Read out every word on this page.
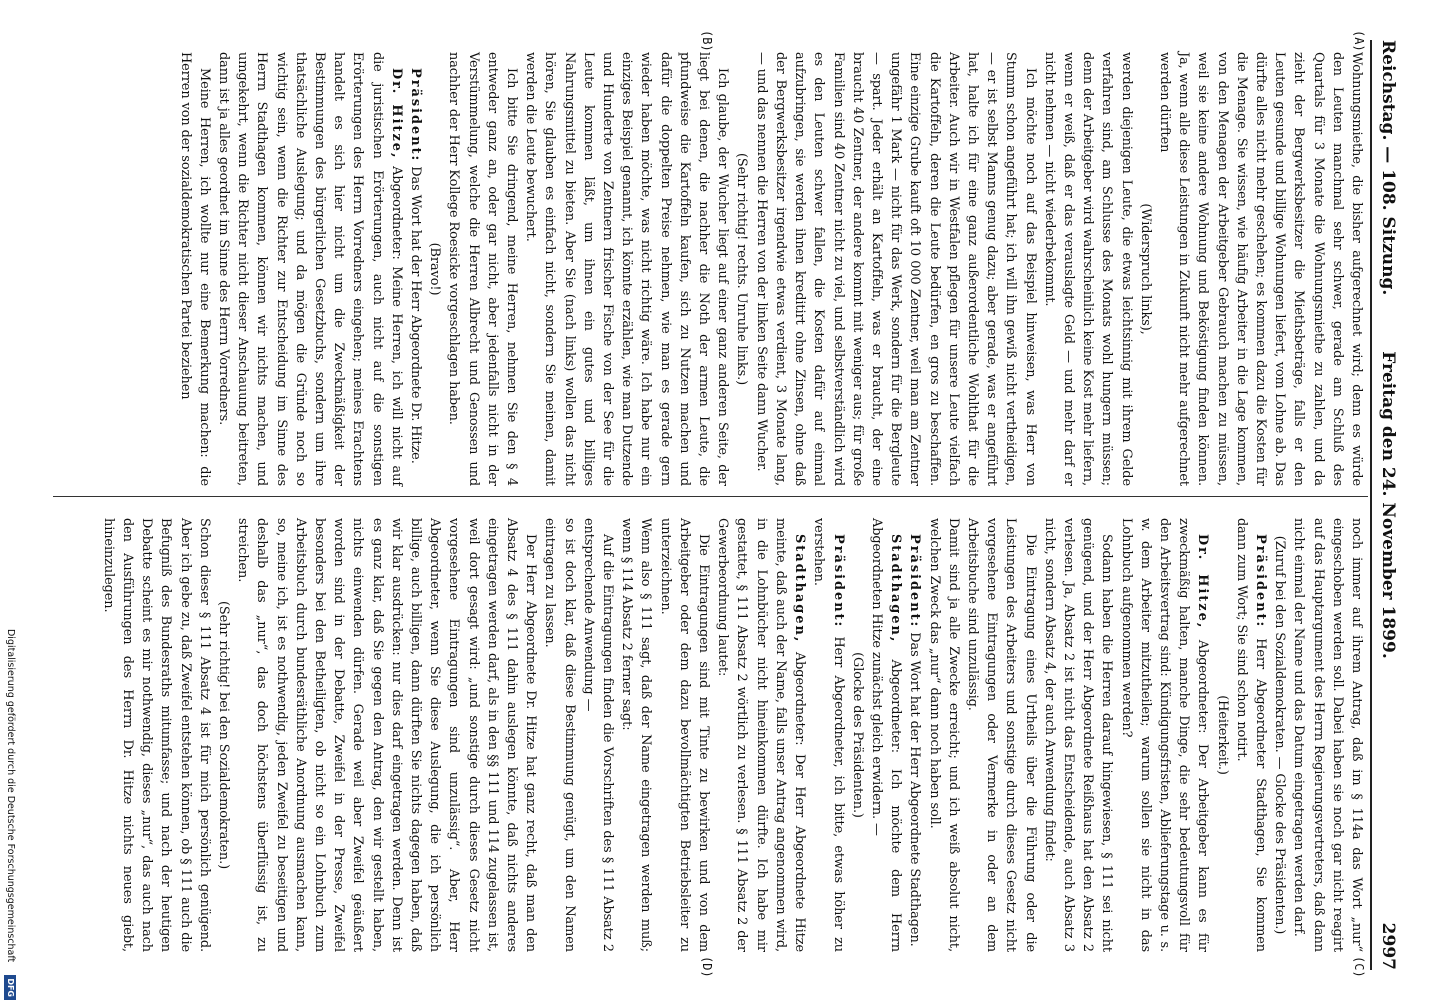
Reichstag. — 108. Sitzung.
Freitag den 24. November 1899.
2997
(A)
(B)
(C)
(D)

Wohnungsmiethe, die bisher aufgerechnet wird; denn es würde den Leuten manchmal sehr schwer, gerade am Schluß des Quartals für 3 Monate die Wohnungsmiethe zu zahlen, und da zieht der Bergwerksbesitzer die Miethsbeträge, falls er den Leuten gesunde und billige Wohnungen liefert, vom Lohne ab. Das dürfte alles nicht mehr geschehen; es kommen dazu die Kosten für die Menage. Sie wissen, wie häufig Arbeiter in die Lage kommen, von den Menagen der Arbeitgeber Gebrauch machen zu müssen, weil sie keine andere Wohnung und Beköstigung finden können. Ja, wenn alle diese Leistungen in Zukunft nicht mehr aufgerechnet werden dürften

(Widerspruch links),

werden diejenigen Leute, die etwas leichtsinnig mit ihrem Gelde verfahren sind, am Schlusse des Monats wohl hungern müssen; denn der Arbeitgeber wird wahrscheinlich keine Kost mehr liefern, wenn er weiß, daß er das verauslagte Geld — und mehr darf er nicht nehmen — nicht wiederbekommt.

Ich möchte noch auf das Beispiel hinweisen, was Herr von Stumm schon angeführt hat; ich will ihn gewiß nicht vertheidigen, — er ist selbst Manns genug dazu; aber gerade, was er angeführt hat, halte ich für eine ganz außerordentliche Wohlthat für die Arbeiter. Auch wir in Westfalen pflegen für unsere Leute vielfach die Kartoffeln, deren die Leute bedürfen, en gros zu beschaffen. Eine einzige Grube kauft oft 10 000 Zentner, weil man am Zentner ungefähr 1 Mark — nicht für das Werk, sondern für die Bergleute — spart. Jeder erhält an Kartoffeln, was er braucht, der eine braucht 40 Zentner, der andere kommt mit weniger aus; für große Familien sind 40 Zentner nicht zu viel, und selbstverständlich wird es den Leuten schwer fallen, die Kosten dafür auf einmal aufzubringen, sie werden ihnen kreditirt ohne Zinsen, ohne daß der Bergwerksbesitzer irgendwie etwas verdient, 3 Monate lang, — und das nennen die Herren von der linken Seite dann Wucher.

(Sehr richtig! rechts. Unruhe links.)

Ich glaube, der Wucher liegt auf einer ganz anderen Seite, der liegt bei denen, die nachher die Noth der armen Leute, die pfundweise die Kartoffeln kaufen, sich zu Nutzen machen und dafür die doppelten Preise nehmen, wie man es gerade gern wieder haben möchte, was nicht richtig wäre. Ich habe nur ein einziges Beispiel genannt, ich könnte erzählen, wie man Dutzende und Hunderte von Zentnern frischer Fische von der See für die Leute kommen läßt, um ihnen ein gutes und billiges Nahrungsmittel zu bieten. Aber Sie (nach links) wollen das nicht hören, Sie glauben es einfach nicht, sondern Sie meinen, damit werden die Leute bewuchert.

Ich bitte Sie dringend, meine Herren, nehmen Sie den § 4 entweder ganz an, oder gar nicht, aber jedenfalls nicht in der Verstümmelung, welche die Herren Albrecht und Genossen und nachher der Herr Kollege Roesicke vorgeschlagen haben.

(Bravo!)

Präsident: Das Wort hat der Herr Abgeordnete Dr. Hitze.

Dr. Hitze, Abgeordneter: Meine Herren, ich will nicht auf die juristischen Erörterungen, auch nicht auf die sonstigen Erörterungen des Herrn Vorredners eingehen; meines Erachtens handelt es sich hier nicht um die Zweckmäßigkeit der Bestimmungen des bürgerlichen Gesetzbuchs, sondern um ihre thatsächliche Auslegung; und da mögen die Gründe noch so wichtig sein, wenn die Richter zur Entscheidung im Sinne des Herrn Stadthagen kommen, können wir nichts machen, und umgekehrt, wenn die Richter nicht dieser Anschauung beitreten, dann ist ja alles geordnet im Sinne des Herrn Vorredners.

Meine Herren, ich wollte nur eine Bemerkung machen: die Herren von der sozialdemokratischen Partei beziehen

noch immer auf ihrem Antrag, daß im § 114a das Wort „nur“ eingeschoben werden soll. Dabei haben sie noch gar nicht reagirt auf das Hauptargument des Herrn Regierungsvertreters, daß dann nicht einmal der Name und das Datum eingetragen werden darf.

(Zuruf bei den Sozialdemokraten. — Glocke des Präsidenten.)

Präsident: Herr Abgeordneter Stadthagen, Sie kommen dann zum Wort; Sie sind schon notirt.

(Heiterkeit.)

Dr. Hitze, Abgeordneter: Der Arbeitgeber kann es für zweckmäßig halten, manche Dinge, die sehr bedeutungsvoll für den Arbeitsvertrag sind: Kündigungsfristen, Ablieferungstage u. s. w. dem Arbeiter mitzutheilen; warum sollen sie nicht in das Lohnbuch aufgenommen werden?

Sodann haben die Herren darauf hingewiesen, § 111 sei nicht genügend, und der Herr Abgeordnete Reißhaus hat den Absatz 2 verlesen. Ja, Absatz 2 ist nicht das Entscheidende, auch Absatz 3 nicht, sondern Absatz 4, der auch Anwendung findet:

Die Eintragung eines Urtheils über die Führung oder die Leistungen des Arbeiters und sonstige durch dieses Gesetz nicht vorgesehene Eintragungen oder Vermerke in oder an dem Arbeitsbuche sind unzulässig.

Damit sind ja alle Zwecke erreicht; und ich weiß absolut nicht, welchen Zweck das „nur“ dann noch haben soll.

Präsident: Das Wort hat der Herr Abgeordnete Stadthagen.

Stadthagen, Abgeordneter: Ich möchte dem Herrn Abgeordneten Hitze zunächst gleich erwidern. —

(Glocke des Präsidenten.)

Präsident: Herr Abgeordneter, ich bitte, etwas höher zu verstehen.

Stadthagen, Abgeordneter: Der Herr Abgeordnete Hitze meinte, daß auch der Name, falls unser Antrag angenommen wird, in die Lohnbücher nicht hineinkommen dürfte. Ich habe mir gestattet, § 111 Absatz 2 wörtlich zu verlesen. § 111 Absatz 2 der Gewerbeordnung lautet:

Die Eintragungen sind mit Tinte zu bewirken und von dem Arbeitgeber oder dem dazu bevollmächtigten Betriebsleiter zu unterzeichnen.

Wenn also § 111 sagt, daß der Name eingetragen werden muß; wenn § 114 Absatz 2 ferner sagt:

Auf die Eintragungen finden die Vorschriften des § 111 Absatz 2 entsprechende Anwendung —

so ist doch klar, daß diese Bestimmung genügt, um den Namen eintragen zu lassen.

Der Herr Abgeordnete Dr. Hitze hat ganz recht, daß man den Absatz 4 des § 111 dahin auslegen könnte, daß nichts anderes eingetragen werden darf, als in den §§ 111 und 114 zugelassen ist, weil dort gesagt wird: „und sonstige durch dieses Gesetz nicht vorgesehene Eintragungen sind unzulässig“. Aber, Herr Abgeordneter, wenn Sie diese Auslegung, die ich persönlich billige, auch billigen, dann dürften Sie nichts dagegen haben, daß wir klar ausdrücken: nur dies darf eingetragen werden. Denn ist es ganz klar, daß Sie gegen den Antrag, den wir gestellt haben, nichts einwenden dürfen. Gerade weil aber Zweifel geäußert worden sind in der Debatte, Zweifel in der Presse, Zweifel besonders bei den Betheiligten, ob nicht so ein Lohnbuch zum Arbeitsbuch durch bundesräthliche Anordnung ausmachen kann, so, meine ich, ist es nothwendig, jeden Zweifel zu beseitigen und deshalb das „nur“, das doch höchstens überflüssig ist, zu streichen.

(Sehr richtig! bei den Sozialdemokraten.)

Schon dieser § 111 Absatz 4 ist für mich persönlich genügend. Aber ich gebe zu, daß Zweifel entstehen können, ob § 111 auch die Befugniß des Bundesraths mitumfasse; und nach der heutigen Debatte scheint es mir nothwendig, dieses „nur“, das auch nach den Ausführungen des Herrn Dr. Hitze nichts neues giebt, hineinzulegen.

Digitalisierung gefördert durch die Deutsche Forschungsgemeinschaft DFG
